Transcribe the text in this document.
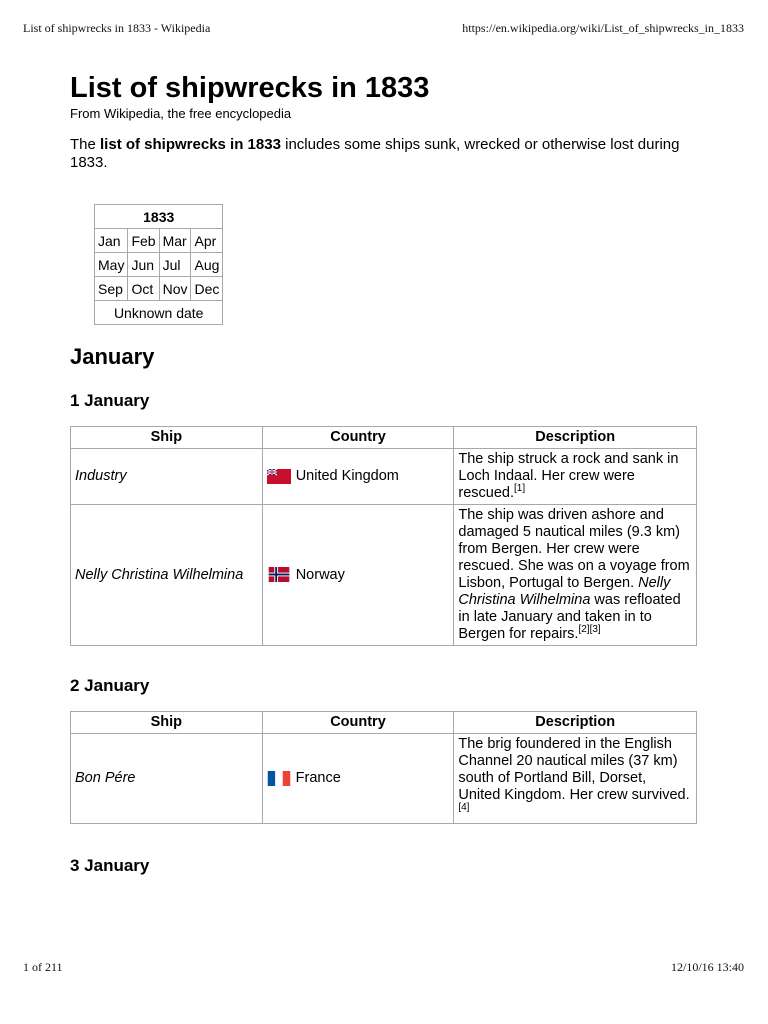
List of shipwrecks in 1833 - Wikipedia	https://en.wikipedia.org/wiki/List_of_shipwrecks_in_1833
List of shipwrecks in 1833
From Wikipedia, the free encyclopedia
The list of shipwrecks in 1833 includes some ships sunk, wrecked or otherwise lost during 1833.
1833			
Jan	Feb	Mar	Apr
May	Jun	Jul	Aug
Sep	Oct	Nov	Dec
Unknown date			
January
1 January
Ship	Country	Description
Industry	United Kingdom	The ship struck a rock and sank in Loch Indaal. Her crew were rescued.[1]
Nelly Christina Wilhelmina	Norway	The ship was driven ashore and damaged 5 nautical miles (9.3 km) from Bergen. Her crew were rescued. She was on a voyage from Lisbon, Portugal to Bergen. Nelly Christina Wilhelmina was refloated in late January and taken in to Bergen for repairs.[2][3]
2 January
Ship	Country	Description
Bon Pére	France	The brig foundered in the English Channel 20 nautical miles (37 km) south of Portland Bill, Dorset, United Kingdom. Her crew survived.[4]
3 January
1 of 211	12/10/16 13:40
